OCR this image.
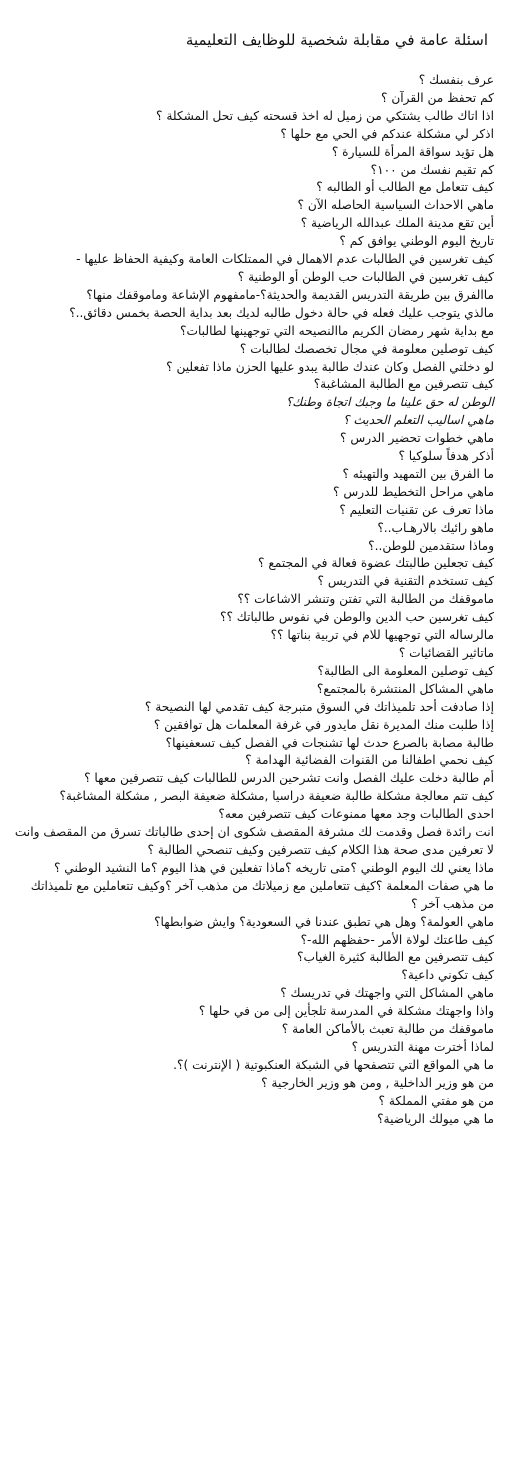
اسئلة عامة في مقابلة شخصية للوظايف التعليمية
عرف بنفسك ؟
كم تحفظ من القرآن ؟
اذا اتاك طالب يشتكي من زميل له اخذ قسحته كيف تحل المشكلة ؟
اذكر لي مشكلة عندكم في الحي مع حلها ؟
هل تؤيد سواقة المرأة للسيارة ؟
كم تقيم نفسك من ١٠٠؟
كيف تتعامل مع الطالب أو الطالبه ؟
ماهي الاحداث السياسية الحاصله الآن ؟
أين تقع مدينة الملك عبدالله الرياضية ؟
تاريخ اليوم الوطني يوافق كم ؟
كيف تغرسين في الطالبات عدم الاهمال في الممتلكات العامة وكيفية الحفاظ عليها -
كيف تغرسين في الطالبات حب الوطن أو الوطنية ؟
ماالفرق بين طريقة التدريس القديمة والحديثة؟-مامفهوم الإشاعة وماموقفك منها؟
مالذي يتوجب عليك فعله في حالة دخول طالبه لديك بعد بداية الحصة بخمس دقائق..؟
مع بداية شهر رمضان الكريم ماالنصيحه التي توجهينها لطالبات؟
كيف توصلين معلومة في مجال تخصصك لطالبات ؟
لو دخلتي الفصل وكان عندك طالبة يبدو عليها الحزن ماذا تفعلين ؟
كيف تتصرفين مع الطالبة المشاغبة؟
الوطن له حق علينا ما وجبك اتجاة وطنك؟
ماهي اساليب التعلم الحديث ؟
ماهي خطوات تحضير الدرس ؟
أذكر هدفاً سلوكيا ؟
ما الفرق بين التمهيد والتهيئه ؟
ماهي مراحل التخطيط للدرس ؟
ماذا تعرف عن تقنيات التعليم ؟
ماهو رائيك بالارهـاب..؟
وماذا ستقدمين للوطن..؟
كيف تجعلين طالبتك عضوة فعالة في المجتمع ؟
كيف تستخدم التقنية في التدريس ؟
ماموقفك من الطالبة التي تفتن وتنشر الاشاعات ؟؟
كيف تغرسين حب الدين والوطن في نفوس طالباتك ؟؟
مالرساله التي توجهيها للام في تربية بناتها ؟؟
ماتاثير القضائيات ؟
كيف توصلين المعلومة الى الطالبة؟
ماهي المشاكل المنتشرة بالمجتمع؟
إذا صادفت أحد تلميذاتك في السوق متبرجة كيف تقدمي لها النصيحة ؟
إذا طلبت منك المديرة نقل مايدور في غرفة المعلمات هل توافقين ؟
طالبة مصابة بالصرع حدث لها تشنجات في الفصل كيف تسعفينها؟
كيف نحمي اطفالنا من القنوات الفضائية الهدامة ؟
أم طالبة دخلت عليك الفصل وانت تشرحين الدرس للطالبات كيف تتصرفين معها ؟
كيف تتم معالجة مشكلة طالبة ضعيفة دراسيا ,مشكلة ضعيفة البصر , مشكلة المشاغبة؟
احدى الطالبات وجد معها ممنوعات كيف تتصرفين معه؟
انت رائدة فصل وقدمت لك مشرفة المقصف شكوى ان إحدى طالباتك تسرق من المقصف وانت لا تعرفين مدى صحة هذا الكلام كيف تتصرفين وكيف تنصحي الطالبة ؟
ماذا يعني لك اليوم الوطني ؟متى تاريخه ؟ماذا تفعلين في هذا اليوم ؟ما النشيد الوطني ؟
ما هي صفات المعلمة ؟كيف تتعاملين مع زميلاتك من مذهب آخر ؟وكيف تتعاملين مع تلميذاتك من مذهب آخر ؟
ماهي العولمة؟ وهل هي تطبق عندنا في السعودية؟ وايش ضوابطها؟
كيف طاعتك لولاة الأمر -حفظهم الله-؟
كيف تتصرفين مع الطالبة كثيرة الغياب؟
كيف تكوني داعية؟
ماهي المشاكل التي واجهتك في تدريسك ؟
واذا واجهتك مشكلة في المدرسة تلجأين إلى من في حلها ؟
ماموقفك من طالبة تعبث بالأماكن العامة ؟
لماذا أخترت مهنة التدريس ؟
ما هي المواقع التي تتصفحها في الشبكة العنكبوتية ( الإنترنت )؟.
من هو وزير الداخلية , ومن هو وزير الخارجية ؟
من هو مفتي المملكة ؟
ما هي ميولك الرياضية؟
